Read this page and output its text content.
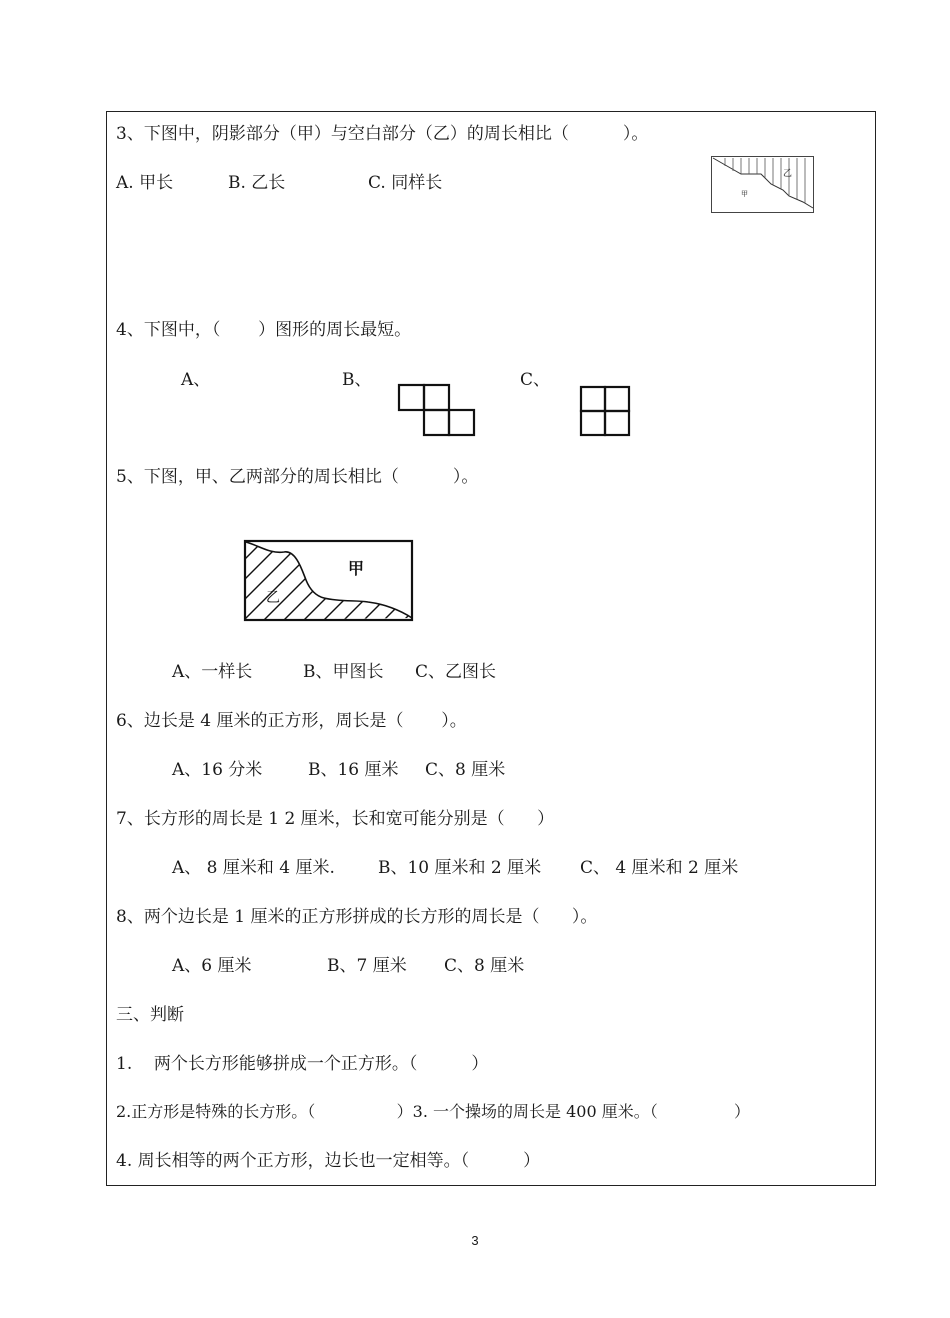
3、下图中，阴影部分（甲）与空白部分（乙）的周长相比（          ）。
A. 甲长	B. 乙长	C. 同样长
甲
乙
4、下图中，（       ）图形的周长最短。
A、	B、	C、
5、下图，甲、乙两部分的周长相比（          ）。
甲
乙
A、一样长	B、甲图长 C、乙图长
6、边长是 4 厘米的正方形，周长是（       ）。
A、16 分米	B、16 厘米 C、8 厘米
7、长方形的周长是 1 2 厘米，长和宽可能分别是（      ）
A、 8 厘米和 4 厘米.	B、10 厘米和 2 厘米 C、 4 厘米和 2 厘米
8、两个边长是 1 厘米的正方形拼成的长方形的周长是（      ）。
A、6 厘米	B、7 厘米 C、8 厘米
三、判断
1.    两个长方形能够拼成一个正方形。（          ）
2.正方形是特殊的长方形。（                ）3. 一个操场的周长是 400 厘米。（               ）
4. 周长相等的两个正方形，边长也一定相等。（          ）
3
